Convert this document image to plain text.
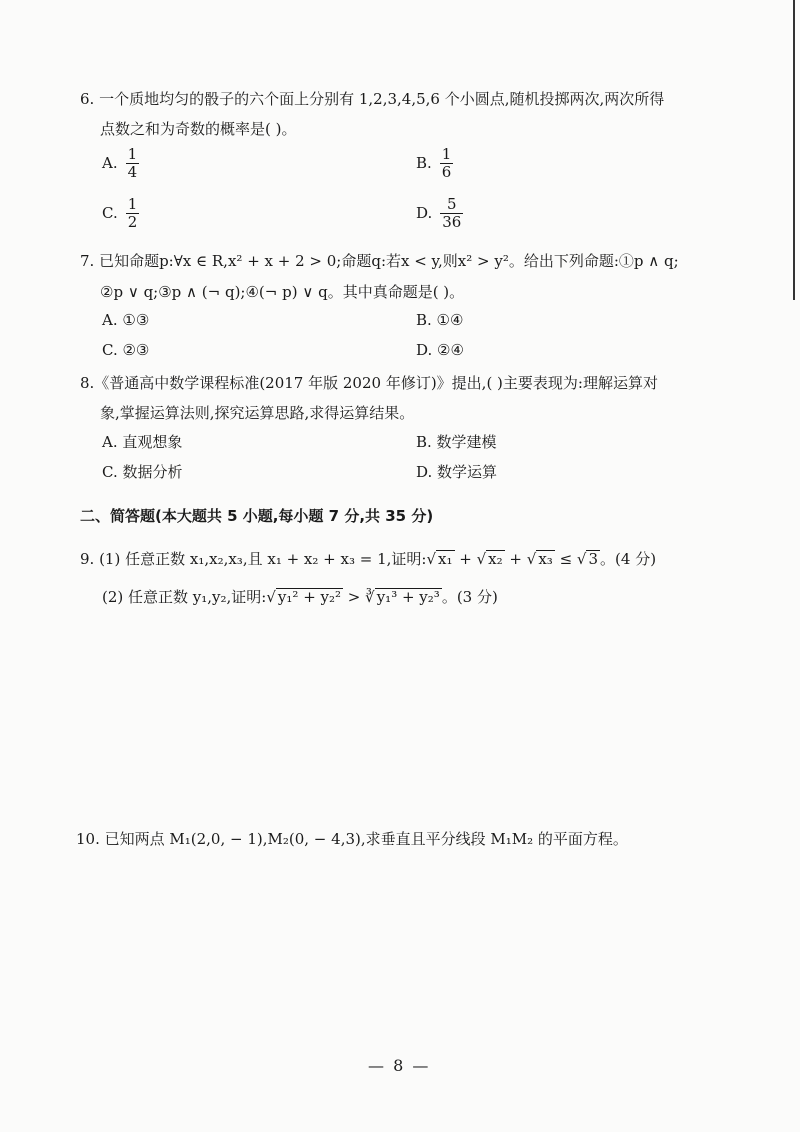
6. 一个质地均匀的骰子的六个面上分别有 1,2,3,4,5,6 个小圆点,随机投掷两次,两次所得
点数之和为奇数的概率是( )。
A. $\frac{1}{4}$	B. $\frac{1}{6}$
C. $\frac{1}{2}$	D. $\frac{5}{36}$
7. 已知命题p:∀x ∈ R,x² + x + 2 > 0;命题q:若x < y,则x² > y²。给出下列命题:①p ∧ q;
②p ∨ q;③p ∧ (¬ q);④(¬ p) ∨ q。其中真命题是( )。
A. ①③	B. ①④
C. ②③	D. ②④
8.《普通高中数学课程标准(2017 年版 2020 年修订)》提出,( )主要表现为:理解运算对
象,掌握运算法则,探究运算思路,求得运算结果。
A. 直观想象	B. 数学建模
C. 数据分析	D. 数学运算
二、简答题(本大题共 5 小题,每小题 7 分,共 35 分)
9. (1) 任意正数 x₁,x₂,x₃,且 x₁ + x₂ + x₃ = 1,证明:√ x₁ + √ x₂ + √ x₃ ≤ √ 3 。(4 分)
(2) 任意正数 y₁,y₂,证明:√ y₁² + y₂² > ∛ y₁³ + y₂³ 。(3 分)
10. 已知两点 M₁(2,0, − 1),M₂(0, − 4,3),求垂直且平分线段 M₁M₂ 的平面方程。
— 8 —
